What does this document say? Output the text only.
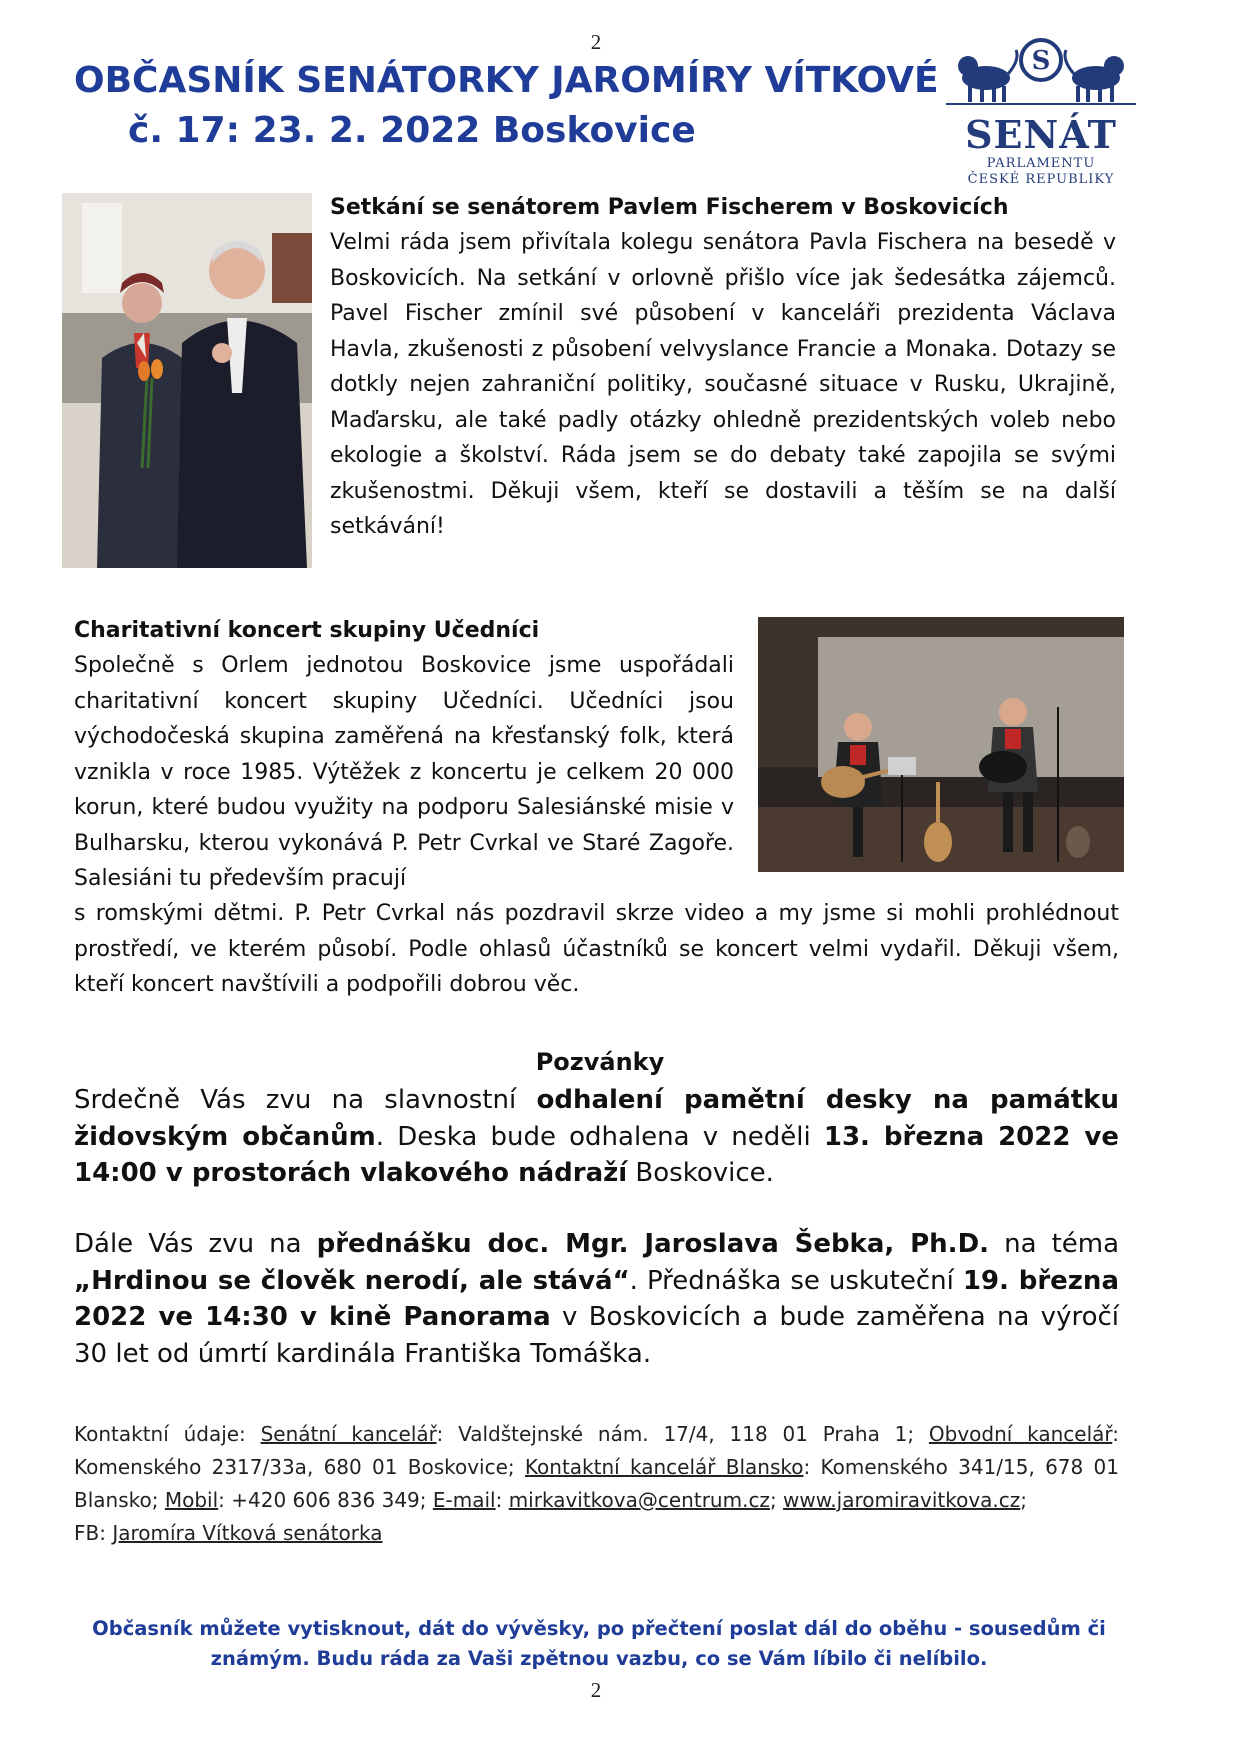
2
OBČASNÍK SENÁTORKY JAROMÍRY VÍTKOVÉ
č. 17: 23. 2. 2022 Boskovice
S
SENÁT
PARLAMENTU
ČESKÉ REPUBLIKY
Setkání se senátorem Pavlem Fischerem v Boskovicích
Velmi ráda jsem přivítala kolegu senátora Pavla Fischera na besedě v Boskovicích. Na setkání v orlovně přišlo více jak šedesátka zájemců. Pavel Fischer zmínil své působení v kanceláři prezidenta Václava Havla, zkušenosti z působení velvyslance Francie a Monaka. Dotazy se dotkly nejen zahraniční politiky, současné situace v Rusku, Ukrajině, Maďarsku, ale také padly otázky ohledně prezidentských voleb nebo ekologie a školství. Ráda jsem se do debaty také zapojila se svými zkušenostmi. Děkuji všem, kteří se dostavili a těším se na další setkávání!
Charitativní koncert skupiny Učedníci
Společně s Orlem jednotou Boskovice jsme uspořádali charitativní koncert skupiny Učedníci. Učedníci jsou východočeská skupina zaměřená na křesťanský folk, která vznikla v roce 1985. Výtěžek z koncertu je celkem 20 000 korun, které budou využity na podporu Salesiánské misie v Bulharsku, kterou vykonává P. Petr Cvrkal ve Staré Zagoře. Salesiáni tu především pracují
s romskými dětmi. P. Petr Cvrkal nás pozdravil skrze video a my jsme si mohli prohlédnout prostředí, ve kterém působí. Podle ohlasů účastníků se koncert velmi vydařil. Děkuji všem, kteří koncert navštívili a podpořili dobrou věc.
Pozvánky
Srdečně Vás zvu na slavnostní odhalení pamětní desky na památku židovským občanům. Deska bude odhalena v neděli 13. března 2022 ve 14:00 v prostorách vlakového nádraží Boskovice.
Dále Vás zvu na přednášku doc. Mgr. Jaroslava Šebka, Ph.D. na téma „Hrdinou se člověk nerodí, ale stává“. Přednáška se uskuteční 19. března 2022 ve 14:30 v kině Panorama v Boskovicích a bude zaměřena na výročí 30 let od úmrtí kardinála Františka Tomáška.
Kontaktní údaje: Senátní kancelář: Valdštejnské nám. 17/4, 118 01 Praha 1; Obvodní kancelář: Komenského 2317/33a, 680 01 Boskovice; Kontaktní kancelář Blansko: Komenského 341/15, 678 01 Blansko; Mobil: +420 606 836 349; E-mail: mirkavitkova@centrum.cz; www.jaromiravitkova.cz;
FB: Jaromíra Vítková senátorka
Občasník můžete vytisknout, dát do vývěsky, po přečtení poslat dál do oběhu - sousedům či známým. Budu ráda za Vaši zpětnou vazbu, co se Vám líbilo či nelíbilo.
2
